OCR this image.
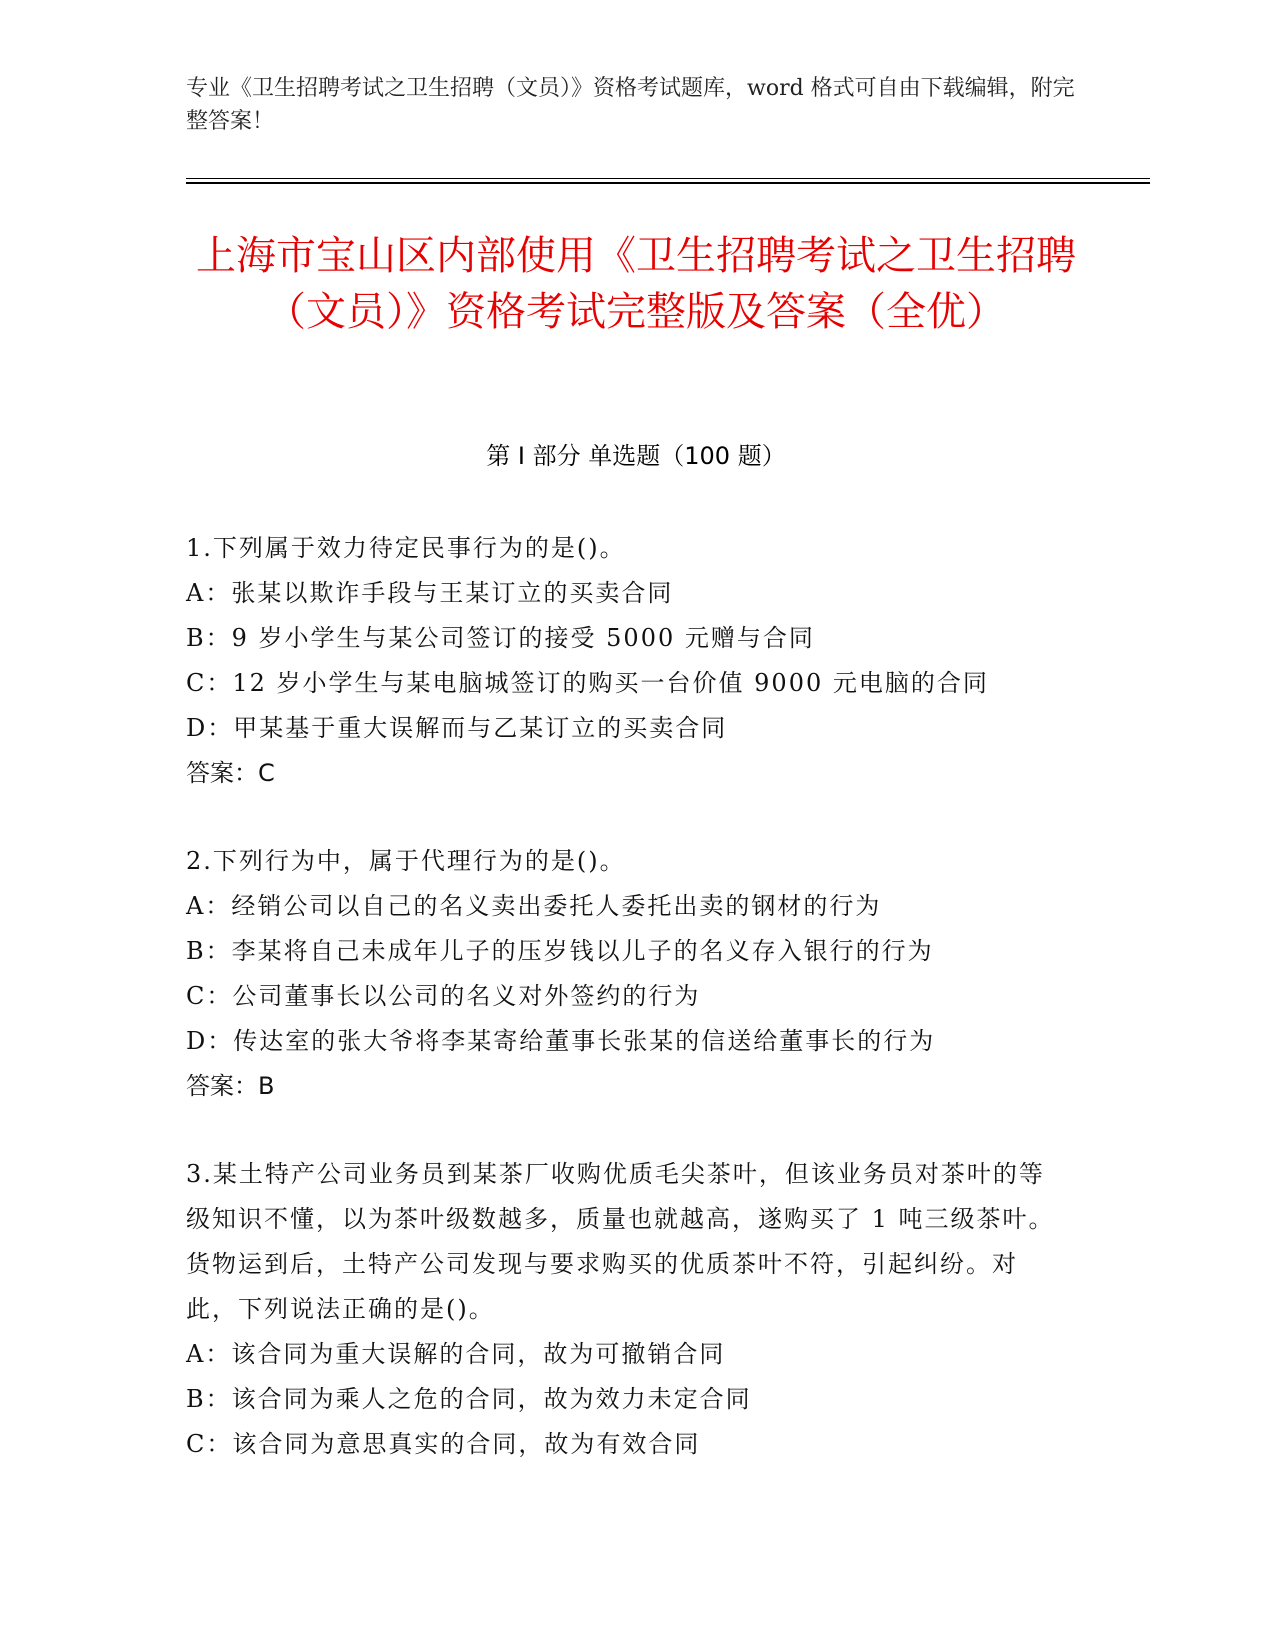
专业《卫生招聘考试之卫生招聘（文员）》资格考试题库，word 格式可自由下载编辑，附完整答案！
上海市宝山区内部使用《卫生招聘考试之卫生招聘（文员）》资格考试完整版及答案（全优）
第 I 部分 单选题（100 题）

1.下列属于效力待定民事行为的是()。

A：张某以欺诈手段与王某订立的买卖合同

B：9 岁小学生与某公司签订的接受 5000 元赠与合同

C：12 岁小学生与某电脑城签订的购买一台价值 9000 元电脑的合同

D：甲某基于重大误解而与乙某订立的买卖合同

答案：C

2.下列行为中，属于代理行为的是()。

A：经销公司以自己的名义卖出委托人委托出卖的钢材的行为

B：李某将自己未成年儿子的压岁钱以儿子的名义存入银行的行为

C：公司董事长以公司的名义对外签约的行为

D：传达室的张大爷将李某寄给董事长张某的信送给董事长的行为

答案：B

3.某土特产公司业务员到某茶厂收购优质毛尖茶叶，但该业务员对茶叶的等级知识不懂，以为茶叶级数越多，质量也就越高，遂购买了 1 吨三级茶叶。货物运到后，土特产公司发现与要求购买的优质茶叶不符，引起纠纷。对此，下列说法正确的是()。

A：该合同为重大误解的合同，故为可撤销合同

B：该合同为乘人之危的合同，故为效力未定合同

C：该合同为意思真实的合同，故为有效合同
